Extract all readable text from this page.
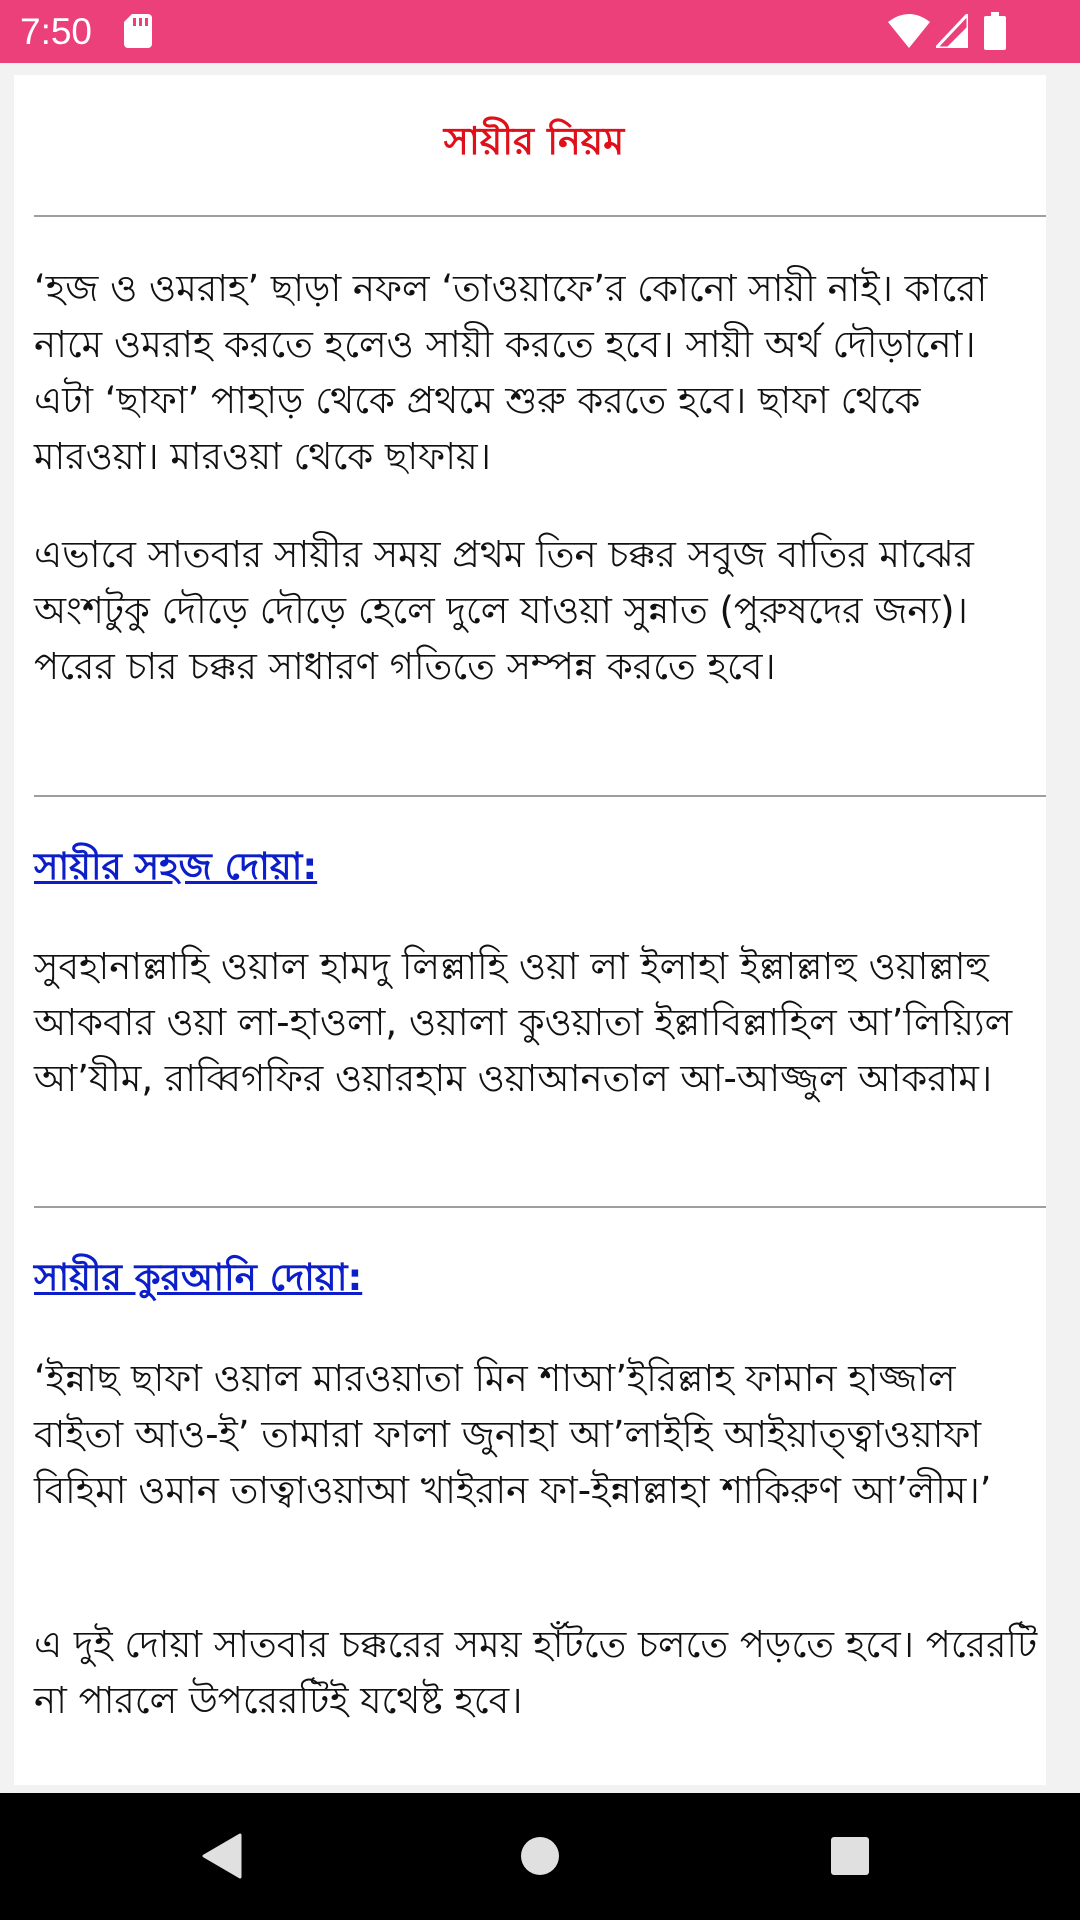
7:50
সায়ীর নিয়ম

‘হজ ও ওমরাহ’ ছাড়া নফল ‘তাওয়াফে’র কোনো সায়ী নাই। কারো নামে ওমরাহ করতে হলেও সায়ী করতে হবে। সায়ী অর্থ দৌড়ানো। এটা ‘ছাফা’ পাহাড় থেকে প্রথমে শুরু করতে হবে। ছাফা থেকে মারওয়া। মারওয়া থেকে ছাফায়।

এভাবে সাতবার সায়ীর সময় প্রথম তিন চক্কর সবুজ বাতির মাঝের অংশটুকু দৌড়ে দৌড়ে হেলে দুলে যাওয়া সুন্নাত (পুরুষদের জন্য)। পরের চার চক্কর সাধারণ গতিতে সম্পন্ন করতে হবে।

সায়ীর সহজ দোয়া:

সুবহানাল্লাহি ওয়াল হামদু লিল্লাহি ওয়া লা ইলাহা ইল্লাল্লাহু ওয়াল্লাহু আকবার ওয়া লা-হাওলা, ওয়ালা কুওয়াতা ইল্লাবিল্লাহিল আ’লিয়্যিল আ’যীম, রাব্বিগফির ওয়ারহাম ওয়াআনতাল আ-আজ্জুল আকরাম।

সায়ীর কুরআনি দোয়া:

‘ইন্নাছ ছাফা ওয়াল মারওয়াতা মিন শাআ’ইরিল্লাহ ফামান হাজ্জাল বাইতা আও-ই’ তামারা ফালা জুনাহা আ’লাইহি আইয়াত্ত্বাওয়াফা বিহিমা ওমান তাত্বাওয়াআ খাইরান ফা-ইন্নাল্লাহা শাকিরুণ আ’লীম।’

এ দুই দোয়া সাতবার চক্করের সময় হাঁটতে চলতে পড়তে হবে। পরেরটি না পারলে উপরেরটিই যথেষ্ট হবে।
